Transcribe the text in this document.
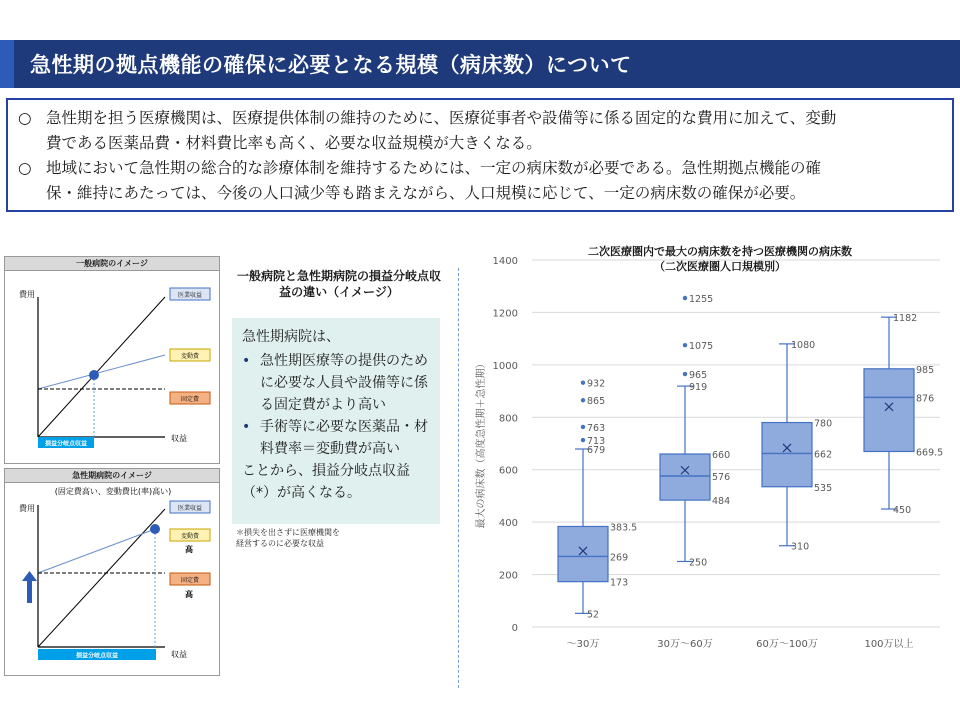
急性期の拠点機能の確保に必要となる規模（病床数）について
○ 急性期を担う医療機関は、医療提供体制の維持のために、医療従事者や設備等に係る固定的な費用に加えて、変動
費である医薬品費・材料費比率も高く、必要な収益規模が大きくなる。
○ 地域において急性期の総合的な診療体制を維持するためには、一定の病床数が必要である。急性期拠点機能の確
保・維持にあたっては、今後の人口減少等も踏まえながら、人口規模に応じて、一定の病床数の確保が必要。
一般病院のイメージ
費用
収益
医業収益
変動費
固定費
損益分岐点収益
急性期病院のイメージ
(固定費高い、変動費比(率)高い)
費用
収益
医業収益
変動費
高
固定費
高
損益分岐点収益
一般病院と急性期病院の損益分岐点収
益の違い（イメージ）
急性期病院は、
• 急性期医療等の提供のために必要な人員や設備等に係る固定費がより高い
• 手術等に必要な医薬品・材料費率＝変動費が高い
ことから、損益分岐点収益（*）が高くなる。
＊損失を出さずに医療機関を
経営するのに必要な収益
二次医療圏内で最大の病床数を持つ医療機関の病床数
（二次医療圏人口規模別）
0
200
400
600
800
1000
1200
1400
最大の病床数（高度急性期＋急性期）	679
383.5
269
173
52
713
763
865
932
～30万
919
660
576
484
250
965
1075
1255
30万～60万
1080
780
662
535
310
60万～100万
1182
985
876
669.5
450
100万以上
